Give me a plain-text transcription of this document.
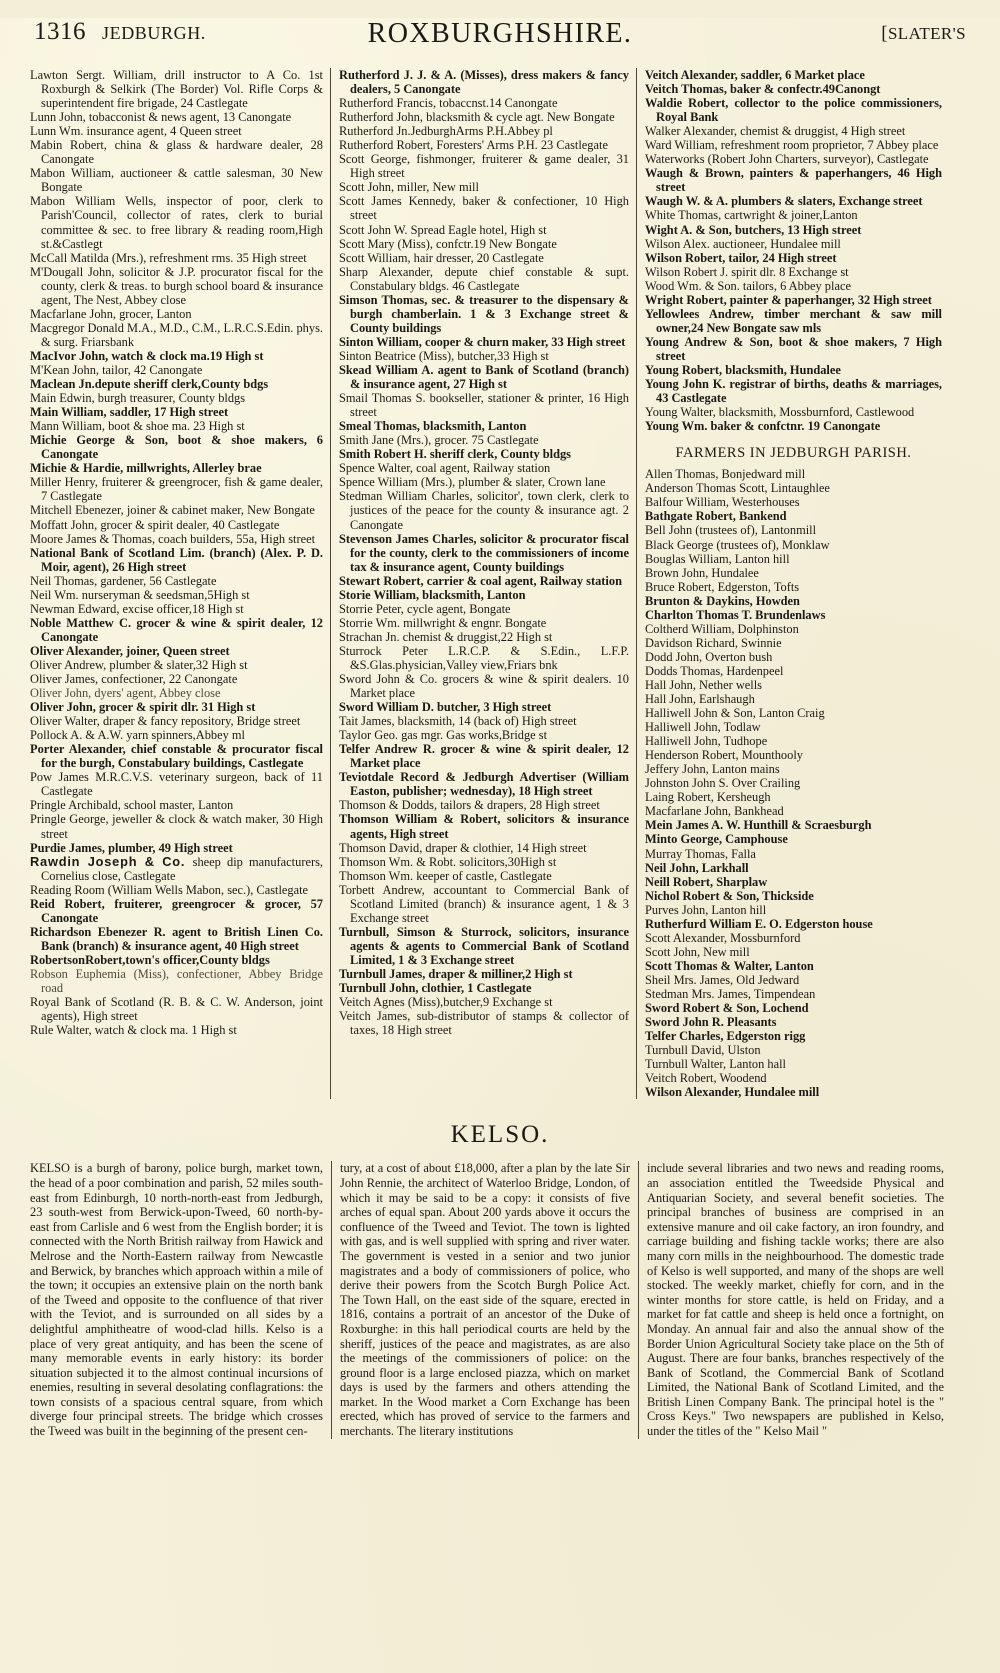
1316 JEDBURGH.	ROXBURGHSHIRE.	[SLATER'S

Lawton Sergt. William, drill instructor to A Co. 1st Roxburgh & Selkirk (The Border) Vol. Rifle Corps & superintendent fire brigade, 24 Castlegate

Lunn John, tobacconist & news agent, 13 Canongate

Lunn Wm. insurance agent, 4 Queen street

Mabin Robert, china & glass & hardware dealer, 28 Canongate

Mabon William, auctioneer & cattle salesman, 30 New Bongate

Mabon William Wells, inspector of poor, clerk to Parish'Council, collector of rates, clerk to burial committee & sec. to free library & reading room,High st.&Castlegt

McCall Matilda (Mrs.), refreshment rms. 35 High street

M'Dougall John, solicitor & J.P. procurator fiscal for the county, clerk & treas. to burgh school board & insurance agent, The Nest, Abbey close

Macfarlane John, grocer, Lanton

Macgregor Donald M.A., M.D., C.M., L.R.C.S.Edin. phys. & surg. Friarsbank

MacIvor John, watch & clock ma.19 High st

M'Kean John, tailor, 42 Canongate

Maclean Jn.depute sheriff clerk,County bdgs

Main Edwin, burgh treasurer, County bldgs

Main William, saddler, 17 High street

Mann William, boot & shoe ma. 23 High st

Michie George & Son, boot & shoe makers, 6 Canongate

Michie & Hardie, millwrights, Allerley brae

Miller Henry, fruiterer & greengrocer, fish & game dealer, 7 Castlegate

Mitchell Ebenezer, joiner & cabinet maker, New Bongate

Moffatt John, grocer & spirit dealer, 40 Castlegate

Moore James & Thomas, coach builders, 55a, High street

National Bank of Scotland Lim. (branch) (Alex. P. D. Moir, agent), 26 High street

Neil Thomas, gardener, 56 Castlegate

Neil Wm. nurseryman & seedsman,5High st

Newman Edward, excise officer,18 High st

Noble Matthew C. grocer & wine & spirit dealer, 12 Canongate

Oliver Alexander, joiner, Queen street

Oliver Andrew, plumber & slater,32 High st

Oliver James, confectioner, 22 Canongate

Oliver John, dyers' agent, Abbey close

Oliver John, grocer & spirit dlr. 31 High st

Oliver Walter, draper & fancy repository, Bridge street

Pollock A. & A.W. yarn spinners,Abbey ml

Porter Alexander, chief constable & procurator fiscal for the burgh, Constabulary buildings, Castlegate

Pow James M.R.C.V.S. veterinary surgeon, back of 11 Castlegate

Pringle Archibald, school master, Lanton

Pringle George, jeweller & clock & watch maker, 30 High street

Purdie James, plumber, 49 High street

Rawdin Joseph & Co. sheep dip manufacturers, Cornelius close, Castlegate

Reading Room (William Wells Mabon, sec.), Castlegate

Reid Robert, fruiterer, greengrocer & grocer, 57 Canongate

Richardson Ebenezer R. agent to British Linen Co. Bank (branch) & insurance agent, 40 High street

RobertsonRobert,town's officer,County bldgs

Robson Euphemia (Miss), confectioner, Abbey Bridge road

Royal Bank of Scotland (R. B. & C. W. Anderson, joint agents), High street

Rule Walter, watch & clock ma. 1 High st

Rutherford J. J. & A. (Misses), dress makers & fancy dealers, 5 Canongate

Rutherford Francis, tobaccnst.14 Canongate

Rutherford John, blacksmith & cycle agt. New Bongate

Rutherford Jn.JedburghArms P.H.Abbey pl

Rutherford Robert, Foresters' Arms P.H. 23 Castlegate

Scott George, fishmonger, fruiterer & game dealer, 31 High street

Scott John, miller, New mill

Scott James Kennedy, baker & confectioner, 10 High street

Scott John W. Spread Eagle hotel, High st

Scott Mary (Miss), confctr.19 New Bongate

Scott William, hair dresser, 20 Castlegate

Sharp Alexander, depute chief constable & supt. Constabulary bldgs. 46 Castlegate

Simson Thomas, sec. & treasurer to the dispensary & burgh chamberlain. 1 & 3 Exchange street & County buildings

Sinton William, cooper & churn maker, 33 High street

Sinton Beatrice (Miss), butcher,33 High st

Skead William A. agent to Bank of Scotland (branch) & insurance agent, 27 High st

Smail Thomas S. bookseller, stationer & printer, 16 High street

Smeal Thomas, blacksmith, Lanton

Smith Jane (Mrs.), grocer. 75 Castlegate

Smith Robert H. sheriff clerk, County bldgs

Spence Walter, coal agent, Railway station

Spence William (Mrs.), plumber & slater, Crown lane

Stedman William Charles, solicitor', town clerk, clerk to justices of the peace for the county & insurance agt. 2 Canongate

Stevenson James Charles, solicitor & procurator fiscal for the county, clerk to the commissioners of income tax & insurance agent, County buildings

Stewart Robert, carrier & coal agent, Railway station

Storie William, blacksmith, Lanton

Storrie Peter, cycle agent, Bongate

Storrie Wm. millwright & engnr. Bongate

Strachan Jn. chemist & druggist,22 High st

Sturrock Peter L.R.C.P. & S.Edin., L.F.P. &S.Glas.physician,Valley view,Friars bnk

Sword John & Co. grocers & wine & spirit dealers. 10 Market place

Sword William D. butcher, 3 High street

Tait James, blacksmith, 14 (back of) High street

Taylor Geo. gas mgr. Gas works,Bridge st

Telfer Andrew R. grocer & wine & spirit dealer, 12 Market place

Teviotdale Record & Jedburgh Advertiser (William Easton, publisher; wednesday), 18 High street

Thomson & Dodds, tailors & drapers, 28 High street

Thomson William & Robert, solicitors & insurance agents, High street

Thomson David, draper & clothier, 14 High street

Thomson Wm. & Robt. solicitors,30High st

Thomson Wm. keeper of castle, Castlegate

Torbett Andrew, accountant to Commercial Bank of Scotland Limited (branch) & insurance agent, 1 & 3 Exchange street

Turnbull, Simson & Sturrock, solicitors, insurance agents & agents to Commercial Bank of Scotland Limited, 1 & 3 Exchange street

Turnbull James, draper & milliner,2 High st

Turnbull John, clothier, 1 Castlegate

Veitch Agnes (Miss),butcher,9 Exchange st

Veitch James, sub-distributor of stamps & collector of taxes, 18 High street

Veitch Alexander, saddler, 6 Market place

Veitch Thomas, baker & confectr.49Canongt

Waldie Robert, collector to the police commissioners, Royal Bank

Walker Alexander, chemist & druggist, 4 High street

Ward William, refreshment room proprietor, 7 Abbey place

Waterworks (Robert John Charters, surveyor), Castlegate

Waugh & Brown, painters & paperhangers, 46 High street

Waugh W. & A. plumbers & slaters, Exchange street

White Thomas, cartwright & joiner,Lanton

Wight A. & Son, butchers, 13 High street

Wilson Alex. auctioneer, Hundalee mill

Wilson Robert, tailor, 24 High street

Wilson Robert J. spirit dlr. 8 Exchange st

Wood Wm. & Son. tailors, 6 Abbey place

Wright Robert, painter & paperhanger, 32 High street

Yellowlees Andrew, timber merchant & saw mill owner,24 New Bongate saw mls

Young Andrew & Son, boot & shoe makers, 7 High street

Young Robert, blacksmith, Hundalee

Young John K. registrar of births, deaths & marriages, 43 Castlegate

Young Walter, blacksmith, Mossburnford, Castlewood

Young Wm. baker & confctnr. 19 Canongate

FARMERS IN JEDBURGH PARISH.

Allen Thomas, Bonjedward mill

Anderson Thomas Scott, Lintaughlee

Balfour William, Westerhouses

Bathgate Robert, Bankend

Bell John (trustees of), Lantonmill

Black George (trustees of), Monklaw

Bouglas William, Lanton hill

Brown John, Hundalee

Bruce Robert, Edgerston, Tofts

Brunton & Daykins, Howden

Charlton Thomas T. Brundenlaws

Coltherd William, Dolphinston

Davidson Richard, Swinnie

Dodd John, Overton bush

Dodds Thomas, Hardenpeel

Hall John, Nether wells

Hall John, Earlshaugh

Halliwell John & Son, Lanton Craig

Halliwell John, Todlaw

Halliwell John, Tudhope

Henderson Robert, Mounthooly

Jeffery John, Lanton mains

Johnston John S. Over Crailing

Laing Robert, Kersheugh

Macfarlane John, Bankhead

Mein James A. W. Hunthill & Scraesburgh

Minto George, Camphouse

Murray Thomas, Falla

Neil John, Larkhall

Neill Robert, Sharplaw

Nichol Robert & Son, Thickside

Purves John, Lanton hill

Rutherfurd William E. O. Edgerston house

Scott Alexander, Mossburnford

Scott John, New mill

Scott Thomas & Walter, Lanton

Sheil Mrs. James, Old Jedward

Stedman Mrs. James, Timpendean

Sword Robert & Son, Lochend

Sword John R. Pleasants

Telfer Charles, Edgerston rigg

Turnbull David, Ulston

Turnbull Walter, Lanton hall

Veitch Robert, Woodend

Wilson Alexander, Hundalee mill

KELSO.

KELSO is a burgh of barony, police burgh, market town, the head of a poor combination and parish, 52 miles south-east from Edinburgh, 10 north-north-east from Jedburgh, 23 south-west from Berwick-upon-Tweed, 60 north-by-east from Carlisle and 6 west from the English border; it is connected with the North British railway from Hawick and Melrose and the North-Eastern railway from Newcastle and Berwick, by branches which approach within a mile of the town; it occupies an extensive plain on the north bank of the Tweed and opposite to the confluence of that river with the Teviot, and is surrounded on all sides by a delightful amphitheatre of wood-clad hills. Kelso is a place of very great antiquity, and has been the scene of many memorable events in early history: its border situation subjected it to the almost continual incursions of enemies, resulting in several desolating conflagrations: the town consists of a spacious central square, from which diverge four principal streets. The bridge which crosses the Tweed was built in the beginning of the present cen-

tury, at a cost of about £18,000, after a plan by the late Sir John Rennie, the architect of Waterloo Bridge, London, of which it may be said to be a copy: it consists of five arches of equal span. About 200 yards above it occurs the confluence of the Tweed and Teviot. The town is lighted with gas, and is well supplied with spring and river water. The government is vested in a senior and two junior magistrates and a body of commissioners of police, who derive their powers from the Scotch Burgh Police Act. The Town Hall, on the east side of the square, erected in 1816, contains a portrait of an ancestor of the Duke of Roxburghe: in this hall periodical courts are held by the sheriff, justices of the peace and magistrates, as are also the meetings of the commissioners of police: on the ground floor is a large enclosed piazza, which on market days is used by the farmers and others attending the market. In the Wood market a Corn Exchange has been erected, which has proved of service to the farmers and merchants. The literary institutions

include several libraries and two news and reading rooms, an association entitled the Tweedside Physical and Antiquarian Society, and several benefit societies. The principal branches of business are comprised in an extensive manure and oil cake factory, an iron foundry, and carriage building and fishing tackle works; there are also many corn mills in the neighbourhood. The domestic trade of Kelso is well supported, and many of the shops are well stocked. The weekly market, chiefly for corn, and in the winter months for store cattle, is held on Friday, and a market for fat cattle and sheep is held once a fortnight, on Monday. An annual fair and also the annual show of the Border Union Agricultural Society take place on the 5th of August. There are four banks, branches respectively of the Bank of Scotland, the Commercial Bank of Scotland Limited, the National Bank of Scotland Limited, and the British Linen Company Bank. The principal hotel is the " Cross Keys." Two newspapers are published in Kelso, under the titles of the " Kelso Mail "
